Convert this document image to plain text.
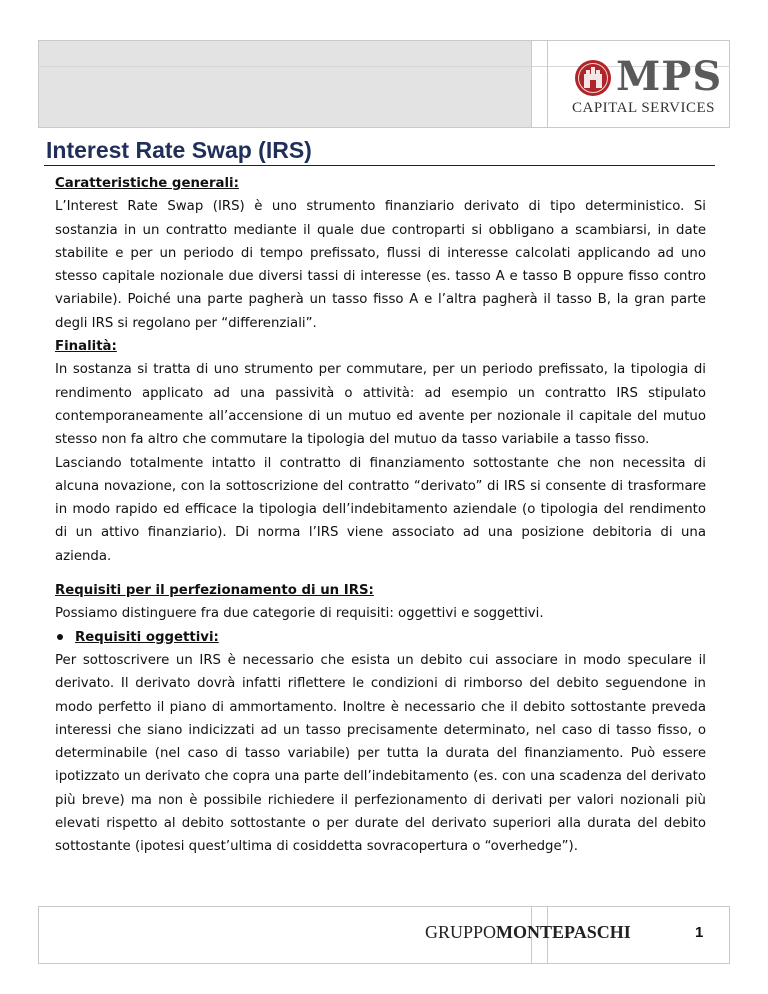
MPS
CAPITAL SERVICES
Interest Rate Swap (IRS)

Caratteristiche generali:

L’Interest Rate Swap (IRS) è uno strumento finanziario derivato di tipo deterministico. Si sostanzia in un contratto mediante il quale due controparti si obbligano a scambiarsi, in date stabilite e per un periodo di tempo prefissato, flussi di interesse calcolati applicando ad uno stesso capitale nozionale due diversi tassi di interesse (es. tasso A e tasso B oppure fisso contro variabile). Poiché una parte pagherà un tasso fisso A e l’altra pagherà il tasso B, la gran parte degli IRS si regolano per “differenziali”.

Finalità:

In sostanza si tratta di uno strumento per commutare, per un periodo prefissato, la tipologia di rendimento applicato ad una passività o attività: ad esempio un contratto IRS stipulato contemporaneamente all’accensione di un mutuo ed avente per nozionale il capitale del mutuo stesso non fa altro che commutare la tipologia del mutuo da tasso variabile a tasso fisso.

Lasciando totalmente intatto il contratto di finanziamento sottostante che non necessita di alcuna novazione, con la sottoscrizione del contratto “derivato” di IRS si consente di trasformare in modo rapido ed efficace la tipologia dell’indebitamento aziendale (o tipologia del rendimento di un attivo finanziario). Di norma l’IRS viene associato ad una posizione debitoria di una azienda.

Requisiti per il perfezionamento di un IRS:

Possiamo distinguere fra due categorie di requisiti: oggettivi e soggettivi.

Requisiti oggettivi:

Per sottoscrivere un IRS è necessario che esista un debito cui associare in modo speculare il derivato. Il derivato dovrà infatti riflettere le condizioni di rimborso del debito seguendone in modo perfetto il piano di ammortamento. Inoltre è necessario che il debito sottostante preveda interessi che siano indicizzati ad un tasso precisamente determinato, nel caso di tasso fisso, o determinabile (nel caso di tasso variabile) per tutta la durata del finanziamento. Può essere ipotizzato un derivato che copra una parte dell’indebitamento (es. con una scadenza del derivato più breve) ma non è possibile richiedere il perfezionamento di derivati per valori nozionali più elevati rispetto al debito sottostante o per durate del derivato superiori alla durata del debito sottostante (ipotesi quest’ultima di cosiddetta sovracopertura o “overhedge”).

GRUPPOMONTEPASCHI	1
